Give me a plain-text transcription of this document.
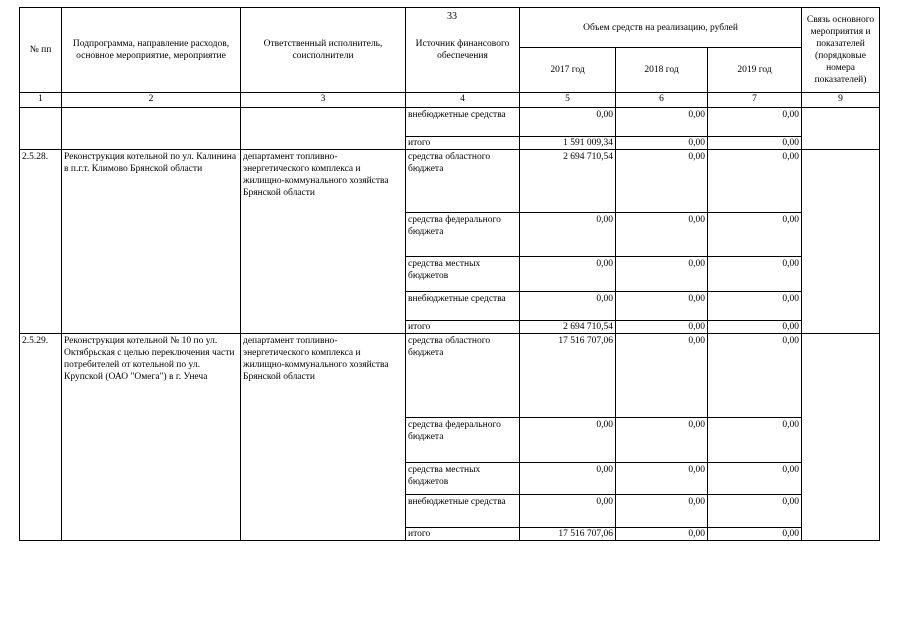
33
№ пп	Подпрограмма, направление расходов, основное мероприятие, мероприятие	Ответственный исполнитель, соисполнители	Источник финансового обеспечения	Объем средств на реализацию, рублей			Связь основного мероприятия и показателей (порядковые номера показателей)
				2017 год	2018 год	2019 год	
1	2	3	4	5	6	7	9
			внебюджетные средства	0,00	0,00	0,00	
			итого	1 591 009,34	0,00	0,00	
2.5.28.	Реконструкция котельной по ул. Калинина в п.г.т. Климово Брянской области	департамент топливно-энергетического комплекса и жилищно-коммунального хозяйства Брянской области	средства областного бюджета	2 694 710,54	0,00	0,00	
			средства федерального бюджета	0,00	0,00	0,00	
			средства местных бюджетов	0,00	0,00	0,00	
			внебюджетные средства	0,00	0,00	0,00	
			итого	2 694 710,54	0,00	0,00	
2.5.29.	Реконструкция котельной № 10 по ул. Октябрьская с целью переключения части потребителей от котельной по ул. Крупской (ОАО "Омега") в г. Унеча	департамент топливно-энергетического комплекса и жилищно-коммунального хозяйства Брянской области	средства областного бюджета	17 516 707,06	0,00	0,00	
			средства федерального бюджета	0,00	0,00	0,00	
			средства местных бюджетов	0,00	0,00	0,00	
			внебюджетные средства	0,00	0,00	0,00	
			итого	17 516 707,06	0,00	0,00	
